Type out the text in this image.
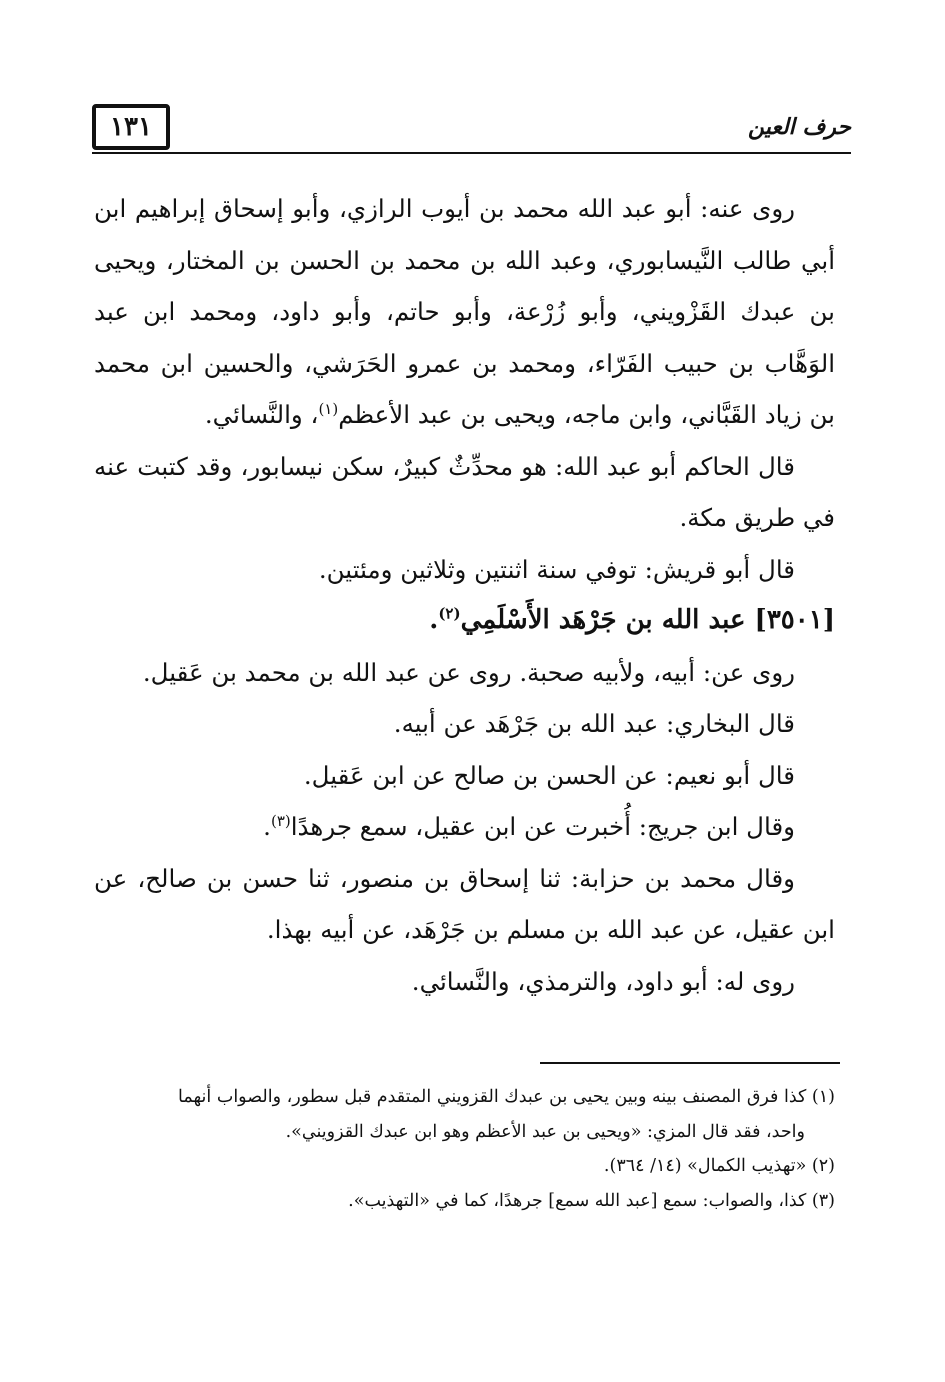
١٣١	حرف العين

روى عنه: أبو عبد الله محمد بن أيوب الرازي، وأبو إسحاق إبراهيم ابن أبي طالب النَّيسابوري، وعبد الله بن محمد بن الحسن بن المختار، ويحيى بن عبدك القَزْويني، وأبو زُرْعة، وأبو حاتم، وأبو داود، ومحمد ابن عبد الوَهَّاب بن حبيب الفَرّاء، ومحمد بن عمرو الحَرَشي، والحسين ابن محمد بن زياد القَبَّاني، وابن ماجه، ويحيى بن عبد الأعظم$^{(١)}$، والنَّسائي.

قال الحاكم أبو عبد الله: هو محدِّثٌ كبيرٌ، سكن نيسابور، وقد كتبت عنه في طريق مكة.

قال أبو قريش: توفي سنة اثنتين وثلاثين ومئتين.

[٣٥٠١] عبد الله بن جَرْهَد الأَسْلَمِي$^{(٢)}$.

روى عن: أبيه، ولأبيه صحبة. روى عن عبد الله بن محمد بن عَقيل.

قال البخاري: عبد الله بن جَرْهَد عن أبيه.

قال أبو نعيم: عن الحسن بن صالح عن ابن عَقيل.

وقال ابن جريج: أُخبرت عن ابن عقيل، سمع جرهدًا$^{(٣)}$.

وقال محمد بن حزابة: ثنا إسحاق بن منصور، ثنا حسن بن صالح، عن ابن عقيل، عن عبد الله بن مسلم بن جَرْهَد، عن أبيه بهذا.

روى له: أبو داود، والترمذي، والنَّسائي.

(١) كذا فرق المصنف بينه وبين يحيى بن عبدك القزويني المتقدم قبل سطور، والصواب أنهما

واحد، فقد قال المزي: «ويحيى بن عبد الأعظم وهو ابن عبدك القزويني».

(٢) «تهذيب الكمال» (١٤/ ٣٦٤).

(٣) كذا، والصواب: سمع [عبد الله سمع] جرهدًا، كما في «التهذيب».
